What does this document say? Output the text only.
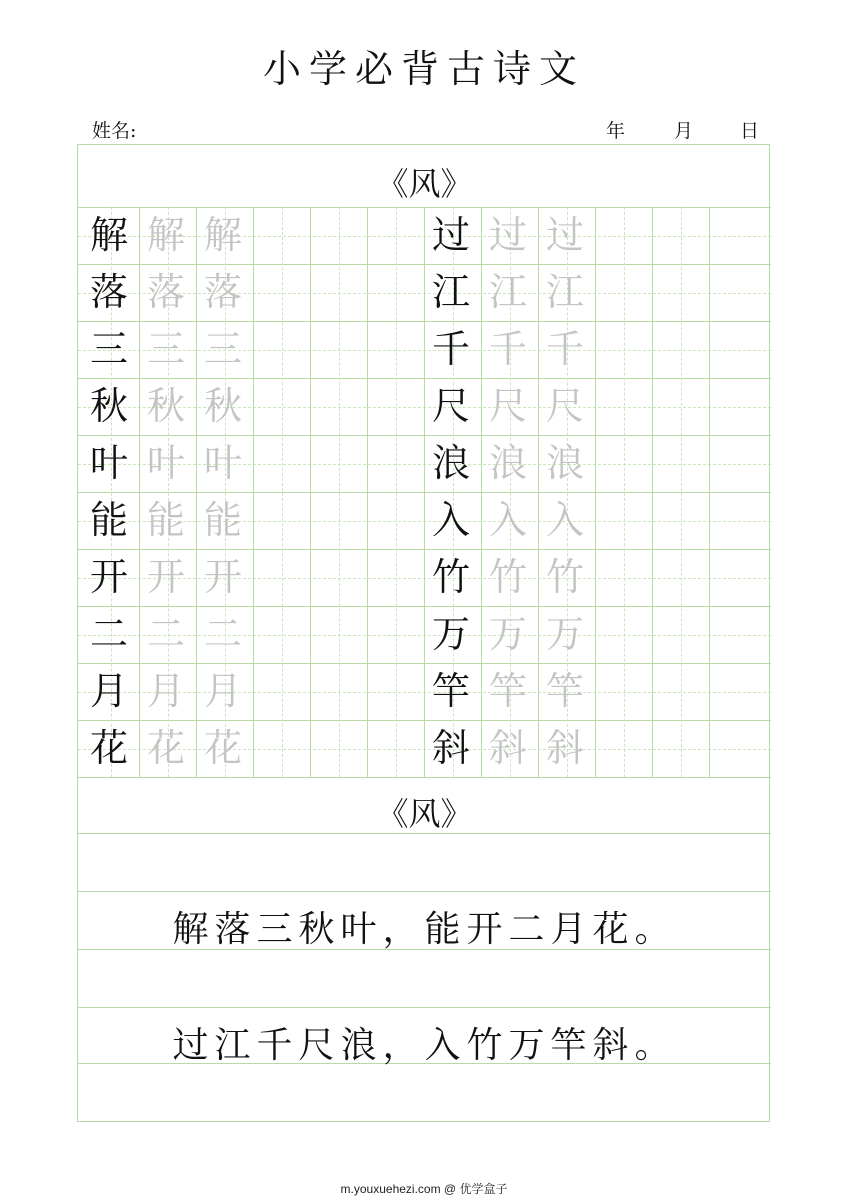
小学必背古诗文
姓名:	年	月 日
《风》
解 解 解
落 落 落
三 三 三
秋 秋 秋
叶 叶 叶
能 能 能
开 开 开
二 二 二
月 月 月
花 花 花
过 过 过
江 江 江
千 千 千
尺 尺 尺
浪 浪 浪
入 入 入
竹 竹 竹
万 万 万
竿 竿 竿
斜 斜 斜
《风》
解落三秋叶，能开二月花。
过江千尺浪，入竹万竿斜。
m.youxuehezi.com @ 优学盒子
